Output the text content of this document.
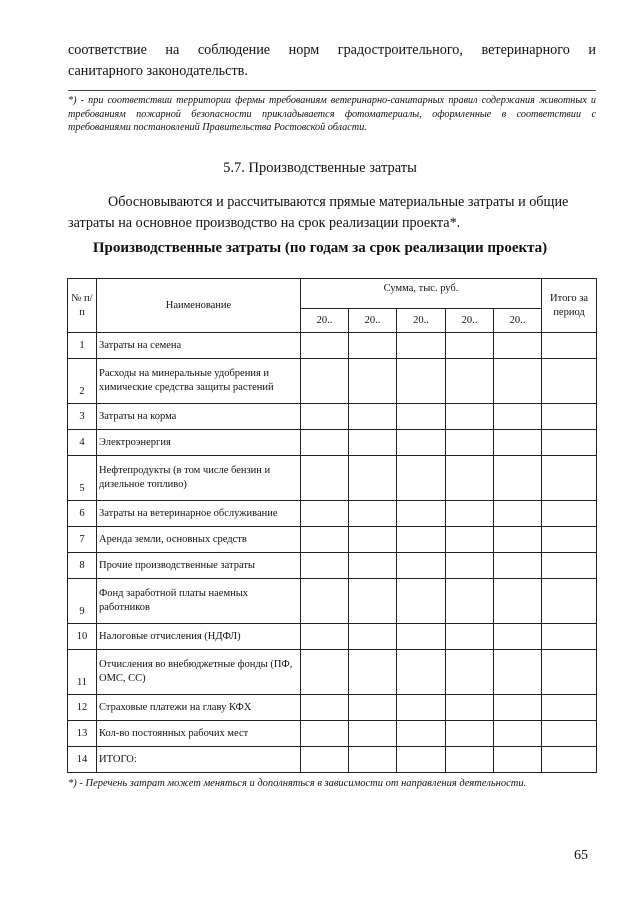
соответствие на соблюдение норм градостроительного, ветеринарного и
санитарного законодательств.
*) - при соответствии территории фермы требованиям ветеринарно-санитарных правил содержания животных и требованиям пожарной безопасности прикладывается фотоматериалы, оформленные в соответствии с требованиями постановлений Правительства Ростовской области.
5.7. Производственные затраты
Обосновываются и рассчитываются прямые материальные затраты и общие затраты на основное производство на срок реализации проекта*.
Производственные затраты (по годам за срок реализации проекта)
№ п/п	Наименование	Сумма, тыс. руб.					Итого за период
		20..	20..	20..	20..	20..	
1	Затраты на семена						
2	Расходы на минеральные удобрения и химические средства защиты растений						
3	Затраты на корма						
4	Электроэнергия						
5	Нефтепродукты (в том числе бензин и дизельное топливо)						
6	Затраты на ветеринарное обслуживание						
7	Аренда земли, основных средств						
8	Прочие производственные затраты						
9	Фонд заработной платы наемных работников						
10	Налоговые отчисления (НДФЛ)						
11	Отчисления во внебюджетные фонды (ПФ, ОМС, СС)						
12	Страховые платежи на главу КФХ						
13	Кол-во постоянных рабочих мест						
14	ИТОГО:						
*) - Перечень затрат может меняться и дополняться в зависимости от направления деятельности.
65
